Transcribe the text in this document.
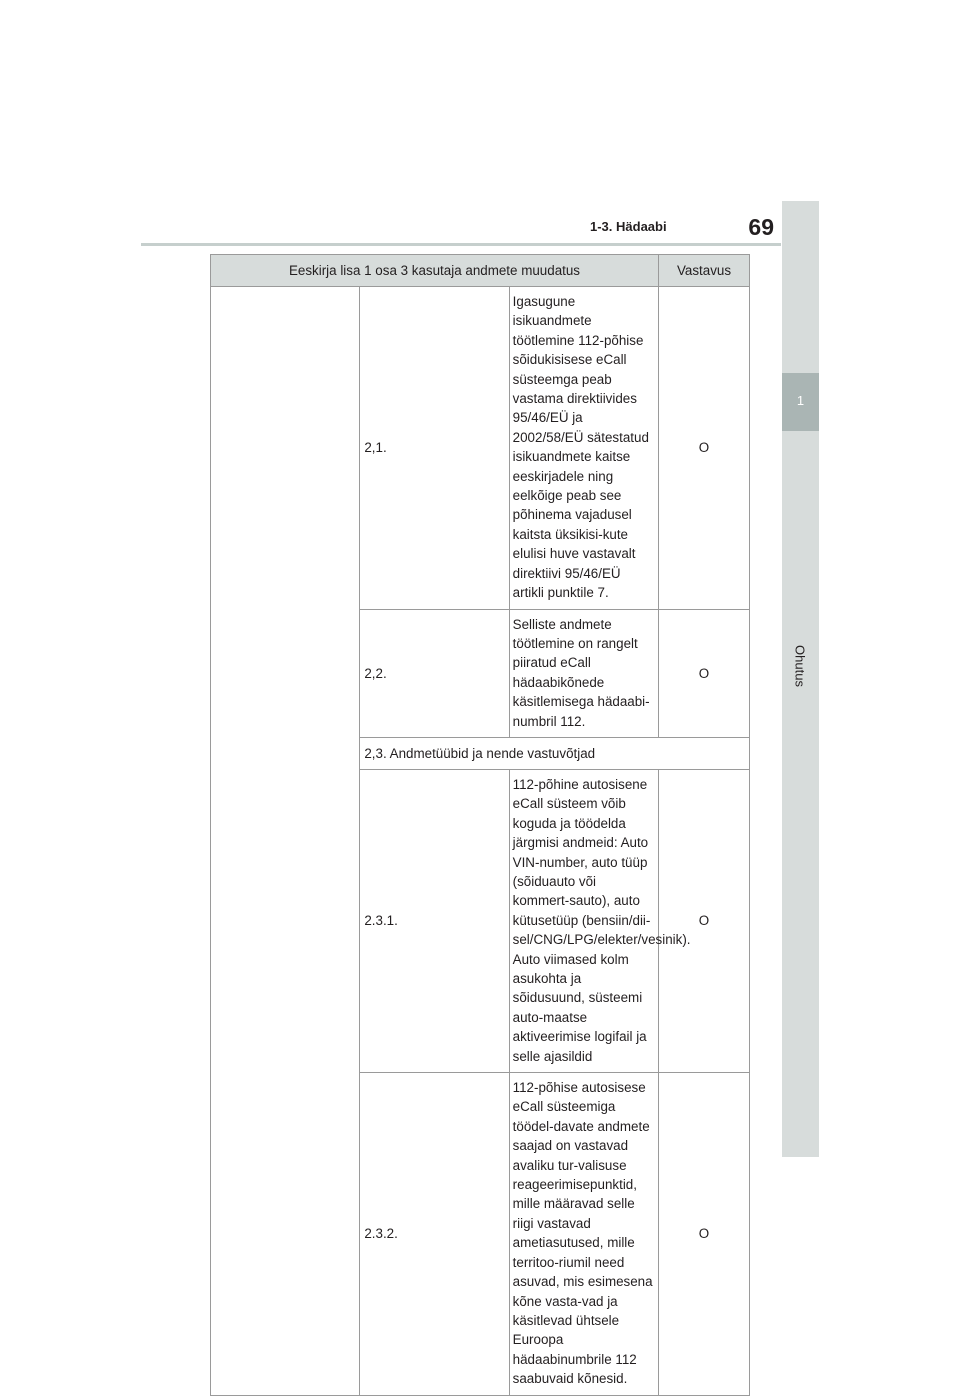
1
Ohutus
1-3. Hädaabi	69
Eeskirja lisa 1 osa 3 kasutaja andmete muudatus			Vastavus
	2,1.	Igasugune isikuandmete töötlemine 112-põhise sõidukisisese eCall süsteemga peab vastama direktiivides 95/46/EÜ ja 2002/58/EÜ sätestatud isikuandmete kaitse eeskirjadele ning eelkõige peab see põhinema vajadusel kaitsta üksikisi-kute elulisi huve vastavalt direktiivi 95/46/EÜ artikli punktile 7.	O
	2,2.	Selliste andmete töötlemine on rangelt piiratud eCall hädaabikõnede käsitlemisega hädaabi-numbril 112.	O
	2,3. Andmetüübid ja nende vastuvõtjad		
	2.3.1.	112-põhine autosisene eCall süsteem võib koguda ja töödelda järgmisi andmeid: Auto VIN-number, auto tüüp (sõiduauto või kommert-sauto), auto kütusetüüp (bensiin/dii-sel/CNG/LPG/elekter/vesinik). Auto viimased kolm asukohta ja sõidusuund, süsteemi auto-maatse aktiveerimise logifail ja selle ajasildid	O
	2.3.2.	112-põhise autosisese eCall süsteemiga töödel-davate andmete saajad on vastavad avaliku tur-valisuse reageerimisepunktid, mille määravad selle riigi vastavad ametiasutused, mille territoo-riumil need asuvad, mis esimesena kõne vasta-vad ja käsitlevad ühtsele Euroopa hädaabinumbrile 112 saabuvaid kõnesid.	O
